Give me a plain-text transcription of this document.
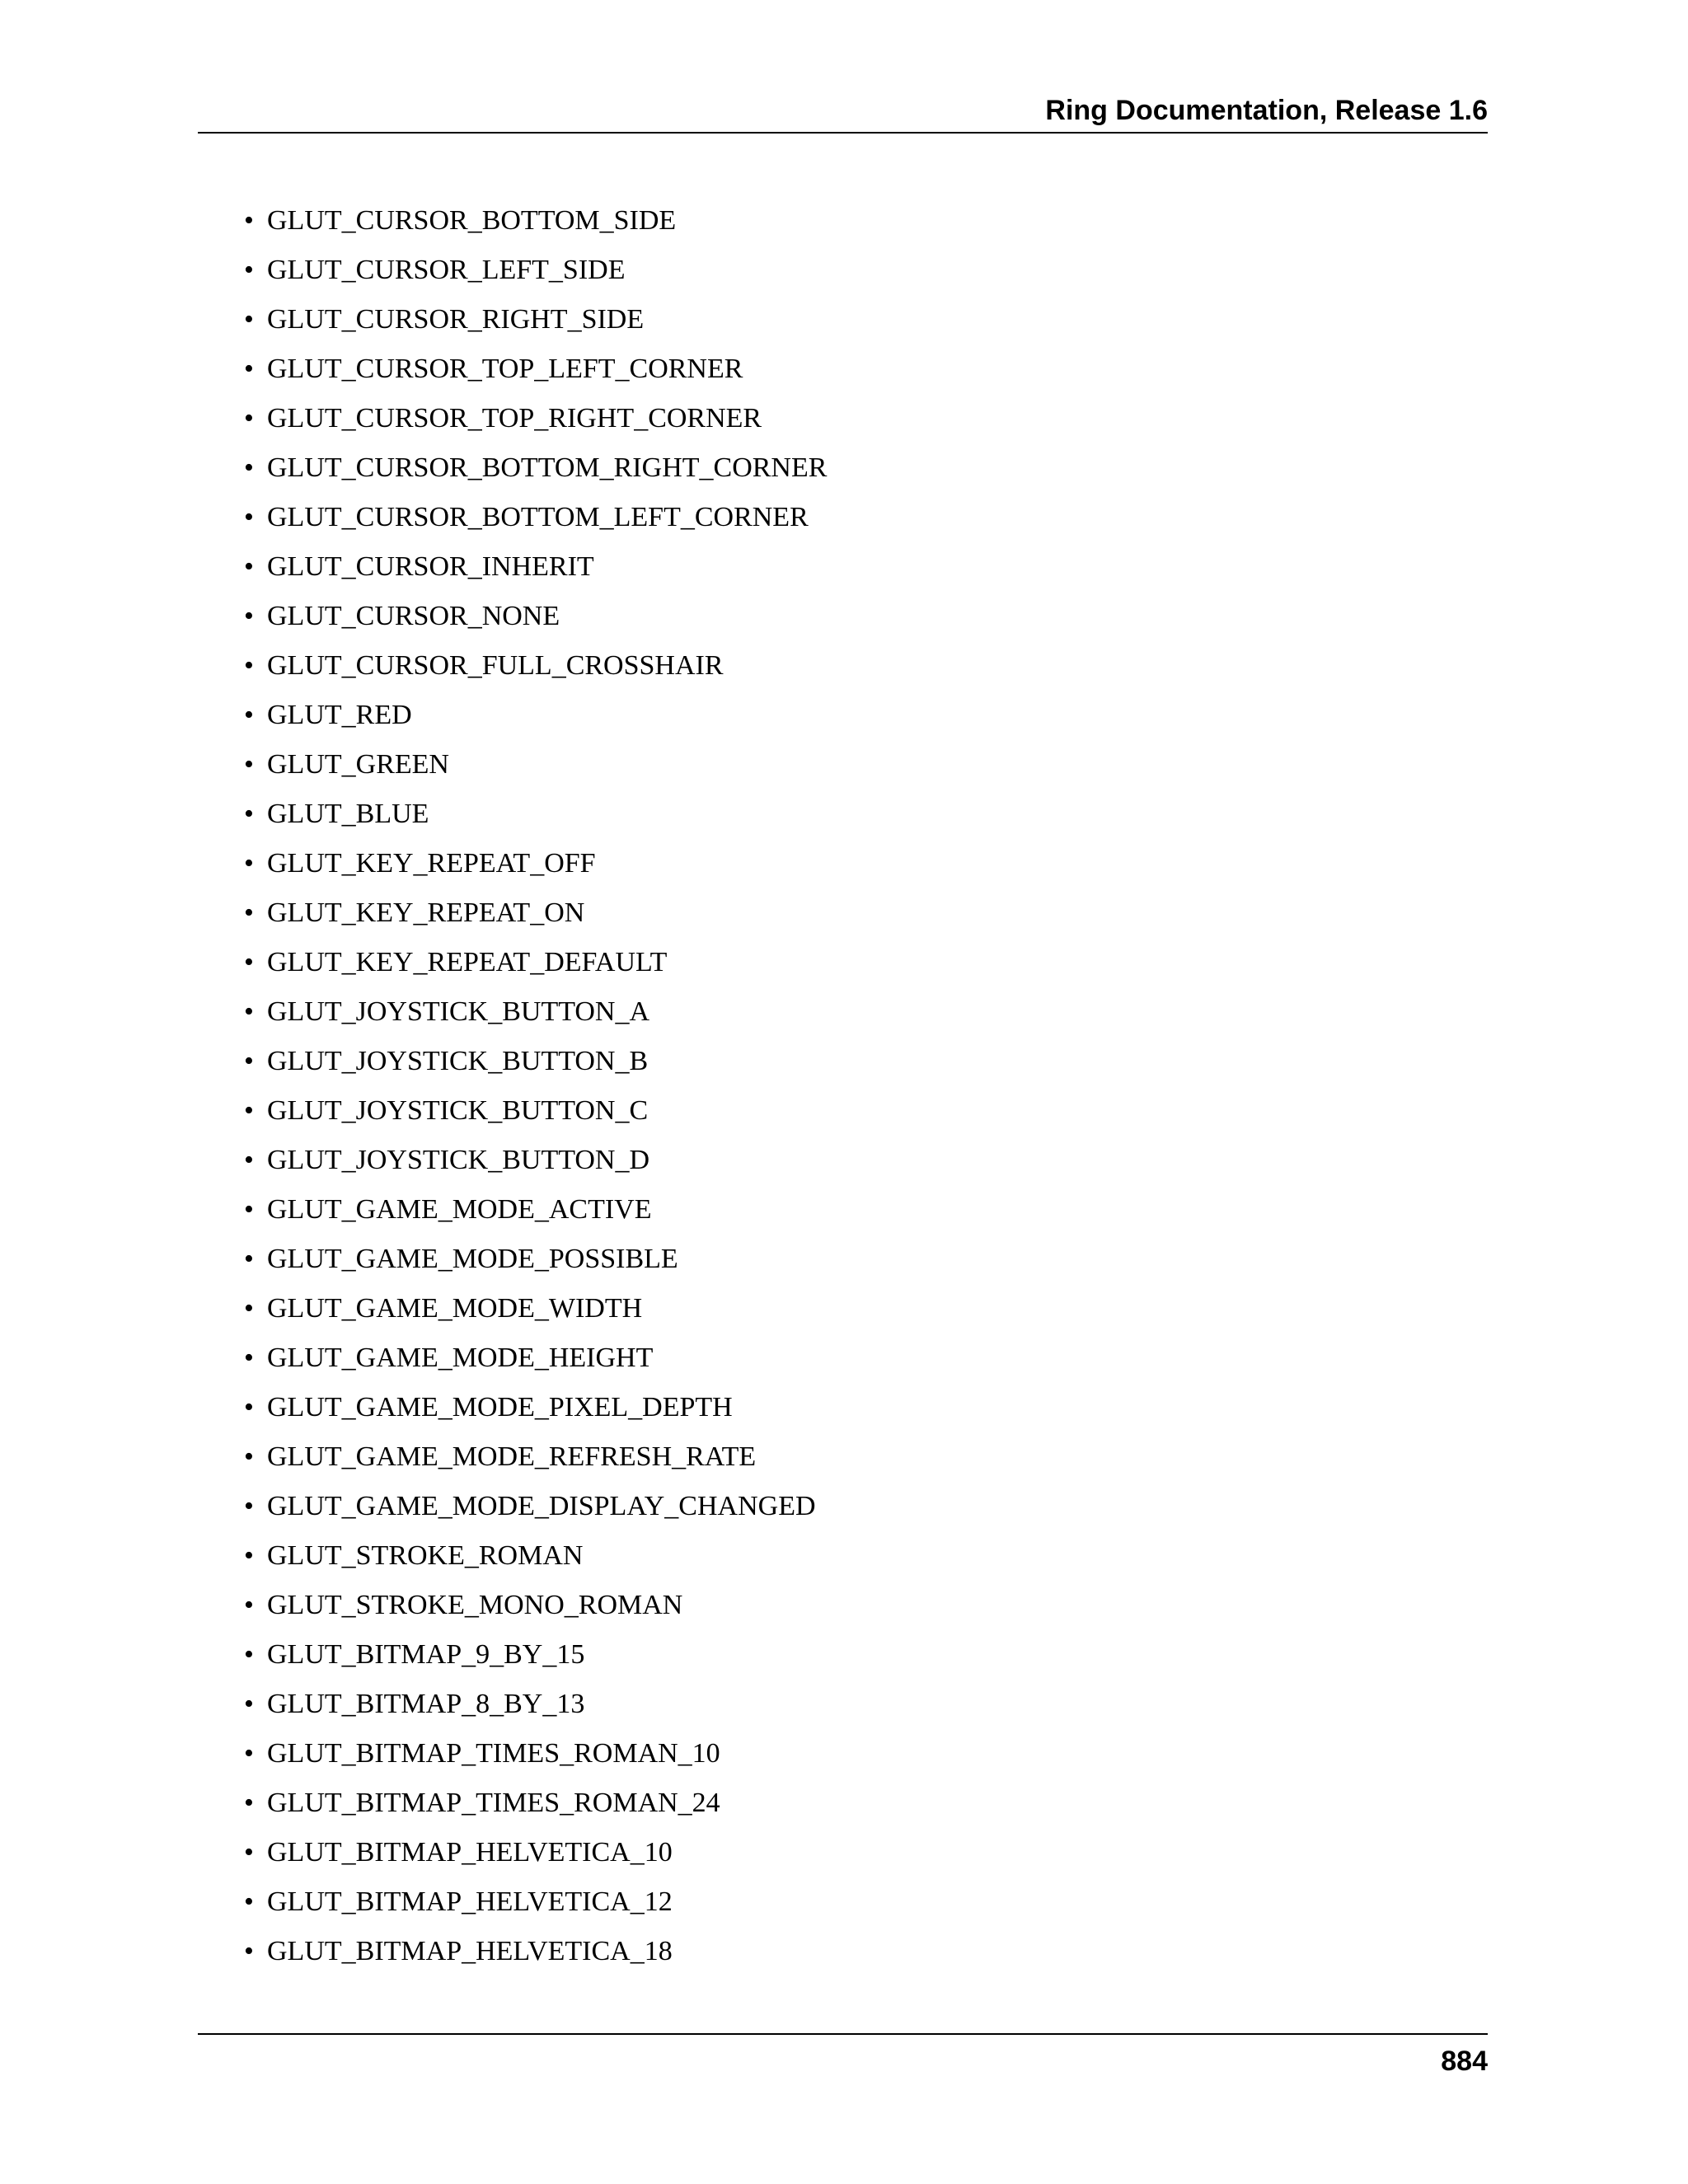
Ring Documentation, Release 1.6
• GLUT_CURSOR_BOTTOM_SIDE
• GLUT_CURSOR_LEFT_SIDE
• GLUT_CURSOR_RIGHT_SIDE
• GLUT_CURSOR_TOP_LEFT_CORNER
• GLUT_CURSOR_TOP_RIGHT_CORNER
• GLUT_CURSOR_BOTTOM_RIGHT_CORNER
• GLUT_CURSOR_BOTTOM_LEFT_CORNER
• GLUT_CURSOR_INHERIT
• GLUT_CURSOR_NONE
• GLUT_CURSOR_FULL_CROSSHAIR
• GLUT_RED
• GLUT_GREEN
• GLUT_BLUE
• GLUT_KEY_REPEAT_OFF
• GLUT_KEY_REPEAT_ON
• GLUT_KEY_REPEAT_DEFAULT
• GLUT_JOYSTICK_BUTTON_A
• GLUT_JOYSTICK_BUTTON_B
• GLUT_JOYSTICK_BUTTON_C
• GLUT_JOYSTICK_BUTTON_D
• GLUT_GAME_MODE_ACTIVE
• GLUT_GAME_MODE_POSSIBLE
• GLUT_GAME_MODE_WIDTH
• GLUT_GAME_MODE_HEIGHT
• GLUT_GAME_MODE_PIXEL_DEPTH
• GLUT_GAME_MODE_REFRESH_RATE
• GLUT_GAME_MODE_DISPLAY_CHANGED
• GLUT_STROKE_ROMAN
• GLUT_STROKE_MONO_ROMAN
• GLUT_BITMAP_9_BY_15
• GLUT_BITMAP_8_BY_13
• GLUT_BITMAP_TIMES_ROMAN_10
• GLUT_BITMAP_TIMES_ROMAN_24
• GLUT_BITMAP_HELVETICA_10
• GLUT_BITMAP_HELVETICA_12
• GLUT_BITMAP_HELVETICA_18
884
